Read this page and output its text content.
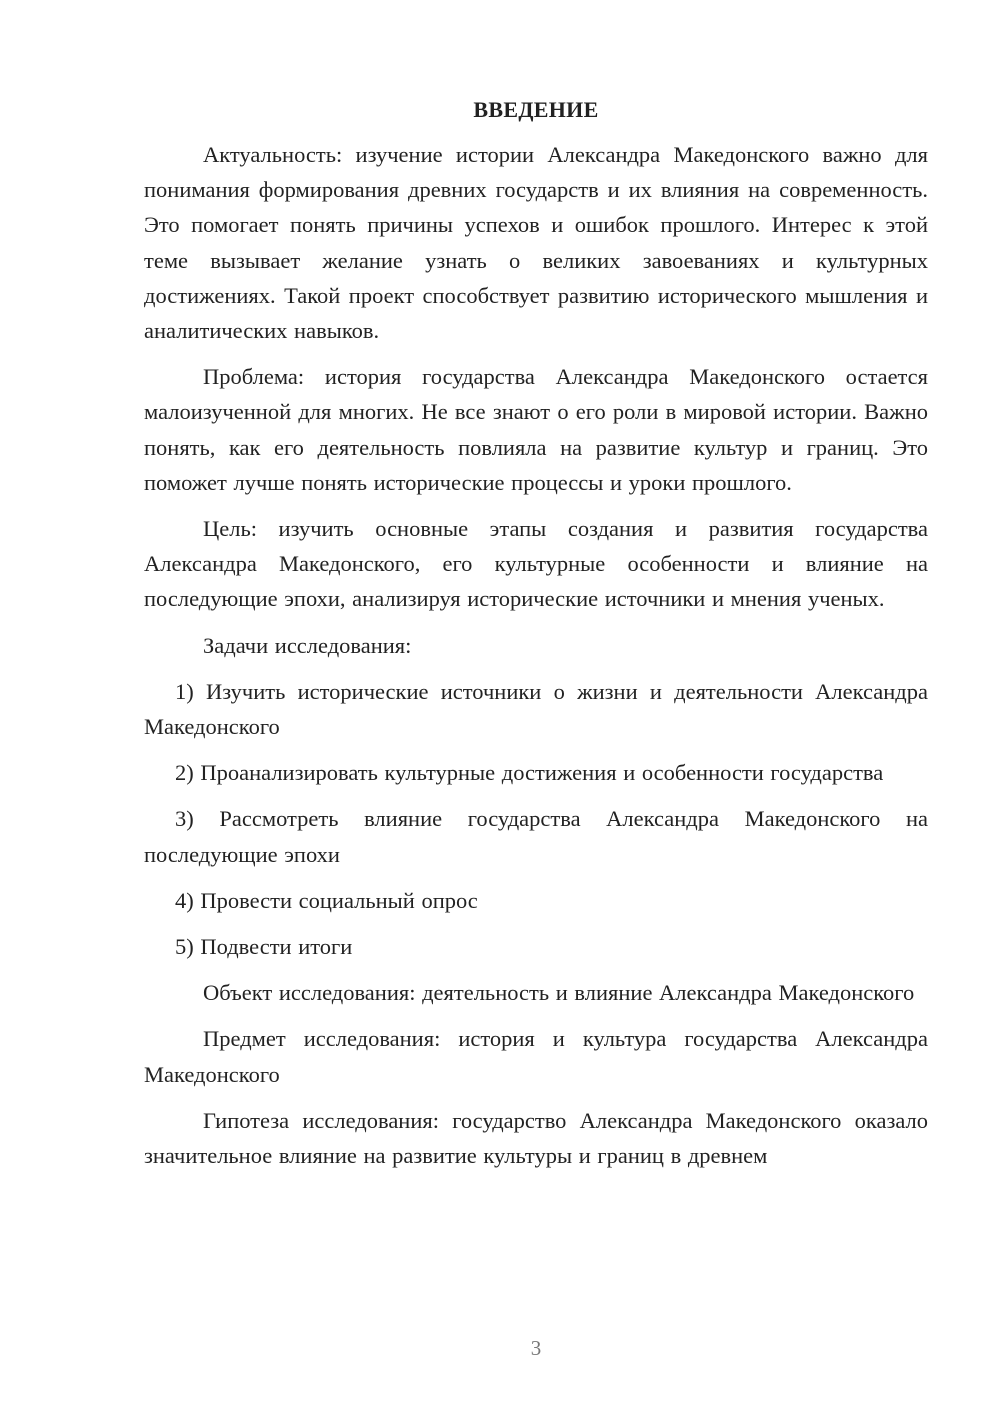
ВВЕДЕНИЕ

Актуальность: изучение истории Александра Македонского важно для понимания формирования древних государств и их влияния на современность. Это помогает понять причины успехов и ошибок прошлого. Интерес к этой теме вызывает желание узнать о великих завоеваниях и культурных достижениях. Такой проект способствует развитию исторического мышления и аналитических навыков.

Проблема: история государства Александра Македонского остается малоизученной для многих. Не все знают о его роли в мировой истории. Важно понять, как его деятельность повлияла на развитие культур и границ. Это поможет лучше понять исторические процессы и уроки прошлого.

Цель: изучить основные этапы создания и развития государства Александра Македонского, его культурные особенности и влияние на последующие эпохи, анализируя исторические источники и мнения ученых.

Задачи исследования:

1) Изучить исторические источники о жизни и деятельности Александра Македонского

2) Проанализировать культурные достижения и особенности государства

3) Рассмотреть влияние государства Александра Македонского на последующие эпохи

4) Провести социальный опрос

5) Подвести итоги

Объект исследования: деятельность и влияние Александра Македонского

Предмет исследования: история и культура государства Александра Македонского

Гипотеза исследования: государство Александра Македонского оказало значительное влияние на развитие культуры и границ в древнем

3
